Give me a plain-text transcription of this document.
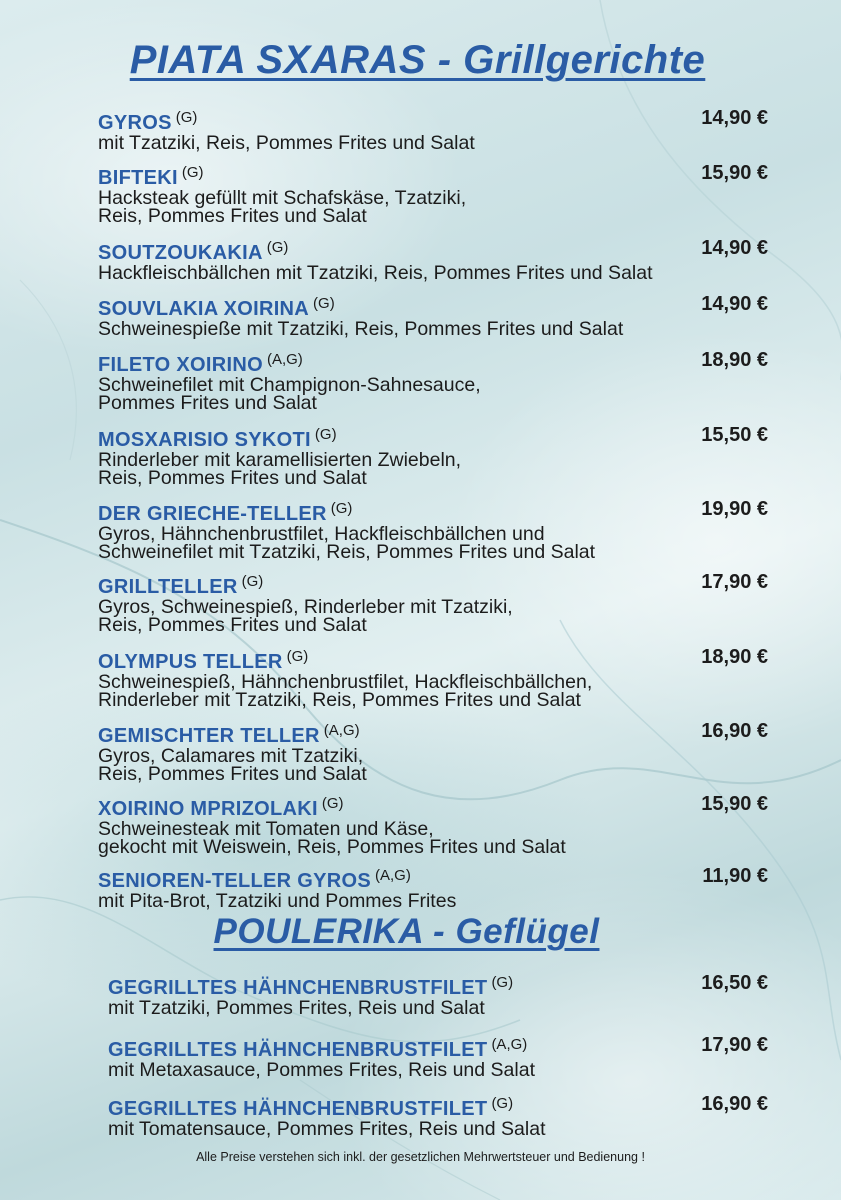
PIATA SXARAS - Grillgerichte
GYROS $^{(G)}$
mit Tzatziki, Reis, Pommes Frites und Salat
14,90 €
BIFTEKI $^{(G)}$
Hacksteak gefüllt mit Schafskäse, Tzatziki,
Reis, Pommes Frites und Salat
15,90 €
SOUTZOUKAKIA $^{(G)}$
Hackfleischbällchen mit Tzatziki, Reis, Pommes Frites und Salat
14,90 €
SOUVLAKIA XOIRINA $^{(G)}$
Schweinespieße mit Tzatziki, Reis, Pommes Frites und Salat
14,90 €
FILETO XOIRINO $^{(A,G)}$
Schweinefilet mit Champignon-Sahnesauce,
Pommes Frites und Salat
18,90 €
MOSXARISIO SYKOTI $^{(G)}$
Rinderleber mit karamellisierten Zwiebeln,
Reis, Pommes Frites und Salat
15,50 €
DER GRIECHE-TELLER $^{(G)}$
Gyros, Hähnchenbrustfilet, Hackfleischbällchen und
Schweinefilet mit Tzatziki, Reis, Pommes Frites und Salat
19,90 €
GRILLTELLER $^{(G)}$
Gyros, Schweinespieß, Rinderleber mit Tzatziki,
Reis, Pommes Frites und Salat
17,90 €
OLYMPUS TELLER $^{(G)}$
Schweinespieß, Hähnchenbrustfilet, Hackfleischbällchen,
Rinderleber mit Tzatziki, Reis, Pommes Frites und Salat
18,90 €
GEMISCHTER TELLER $^{(A,G)}$
Gyros, Calamares mit Tzatziki,
Reis, Pommes Frites und Salat
16,90 €
XOIRINO MPRIZOLAKI $^{(G)}$
Schweinesteak mit Tomaten und Käse,
gekocht mit Weiswein, Reis, Pommes Frites und Salat
15,90 €
SENIOREN-TELLER GYROS $^{(A,G)}$
mit Pita-Brot, Tzatziki und Pommes Frites
11,90 €
POULERIKA - Geflügel
GEGRILLTES HÄHNCHENBRUSTFILET $^{(G)}$
mit Tzatziki, Pommes Frites, Reis und Salat
16,50 €
GEGRILLTES HÄHNCHENBRUSTFILET $^{(A,G)}$
mit Metaxasauce, Pommes Frites, Reis und Salat
17,90 €
GEGRILLTES HÄHNCHENBRUSTFILET $^{(G)}$
mit Tomatensauce, Pommes Frites, Reis und Salat
16,90 €
Alle Preise verstehen sich inkl. der gesetzlichen Mehrwertsteuer und Bedienung !
